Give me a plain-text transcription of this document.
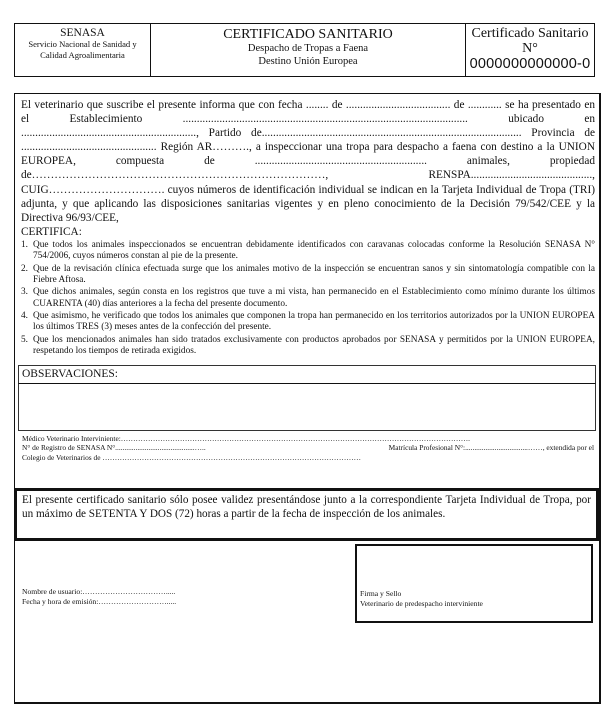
SENASA
Servicio Nacional de Sanidad y
Calidad Agroalimentaria
CERTIFICADO SANITARIO
Despacho de Tropas a Faena
Destino Unión Europea
Certificado Sanitario
N°
0000000000000-0

El veterinario que suscribe el presente informa que con fecha ........ de ..................................... de ............ se ha presentado en el Establecimiento ..................................................................................................... ubicado en .............................................................., Partido de............................................................................................ Provincia de ................................................ Región AR………., a inspeccionar una tropa para despacho a faena con destino a la UNION EUROPEA, compuesta de ............................................................. animales, propiedad de……………………………………………………………………, RENSPA..........................................., CUIG…………………………. cuyos números de identificación individual se indican en la Tarjeta Individual de Tropa (TRI) adjunta, y que aplicando las disposiciones sanitarias vigentes y en pleno conocimiento de la Decisión 79/542/CEE y la Directiva 96/93/CEE,

CERTIFICA:

1. Que todos los animales inspeccionados se encuentran debidamente identificados con caravanas colocadas conforme la Resolución SENASA N° 754/2006, cuyos números constan al pie de la presente.
2. Que de la revisación clínica efectuada surge que los animales motivo de la inspección se encuentran sanos y sin sintomatología compatible con la Fiebre Aftosa.
3. Que dichos animales, según consta en los registros que tuve a mi vista, han permanecido en el Establecimiento como mínimo durante los últimos CUARENTA (40) días anteriores a la fecha del presente documento.
4. Que asimismo, he verificado que todos los animales que componen la tropa han permanecido en los territorios autorizados por la UNION EUROPEA los últimos TRES (3) meses antes de la confección del presente.
5. Que los mencionados animales han sido tratados exclusivamente con productos aprobados por SENASA y permitidos por la UNION EUROPEA, respetando los tiempos de retirada exigidos.
OBSERVACIONES:
Médico Veterinario Interviniente:…………………………………………………………………………………………………………………………….
N° de Registro de SENASA N°...........................................…..	Matrícula Profesional N°:..................................……, extendida por el
Colegio de Veterinarios de ……………………………………………………………………………………………
El presente certificado sanitario sólo posee validez presentándose junto a la correspondiente Tarjeta Individual de Tropa, por un máximo de SETENTA Y DOS (72) horas a partir de la fecha de inspección de los animales.
Nombre de usuario:…………………………….....
Fecha y hora de emisión:……………………….....
Firma y Sello
Veterinario de predespacho interviniente
